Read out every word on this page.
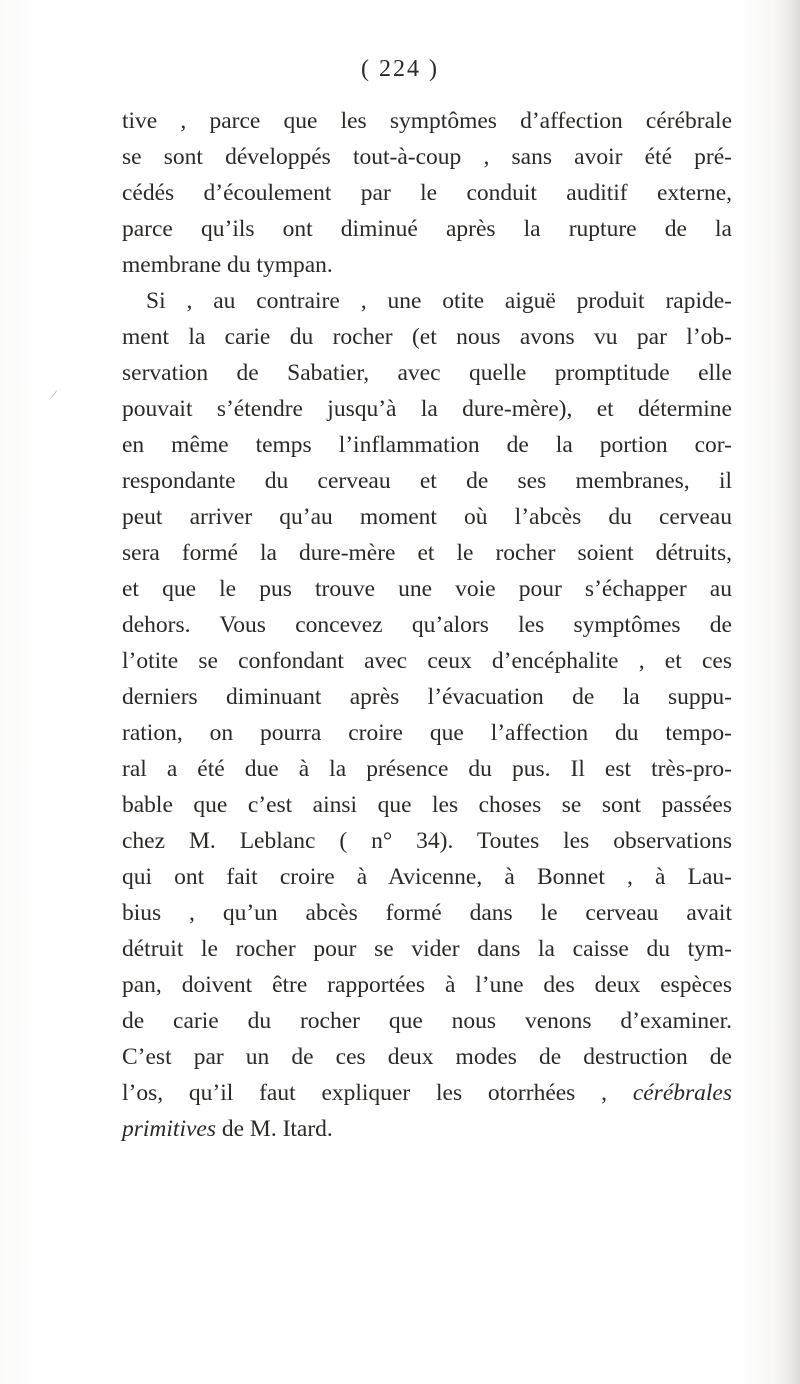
( 224 )
⁄
tive , parce que les symptômes d’affection cérébrale
se sont développés tout-à-coup , sans avoir été pré-
cédés d’écoulement par le conduit auditif externe,
parce qu’ils ont diminué après la rupture de la
membrane du tympan.
Si , au contraire , une otite aiguë produit rapide-
ment la carie du rocher (et nous avons vu par l’ob-
servation de Sabatier, avec quelle promptitude elle
pouvait s’étendre jusqu’à la dure-mère), et détermine
en même temps l’inflammation de la portion cor-
respondante du cerveau et de ses membranes, il
peut arriver qu’au moment où l’abcès du cerveau
sera formé la dure-mère et le rocher soient détruits,
et que le pus trouve une voie pour s’échapper au
dehors. Vous concevez qu’alors les symptômes de
l’otite se confondant avec ceux d’encéphalite , et ces
derniers diminuant après l’évacuation de la suppu-
ration, on pourra croire que l’affection du tempo-
ral a été due à la présence du pus. Il est très-pro-
bable que c’est ainsi que les choses se sont passées
chez M. Leblanc ( n° 34). Toutes les observations
qui ont fait croire à Avicenne, à Bonnet , à Lau-
bius , qu’un abcès formé dans le cerveau avait
détruit le rocher pour se vider dans la caisse du tym-
pan, doivent être rapportées à l’une des deux espèces
de carie du rocher que nous venons d’examiner.
C’est par un de ces deux modes de destruction de
l’os, qu’il faut expliquer les otorrhées , cérébrales
primitives de M. Itard.
